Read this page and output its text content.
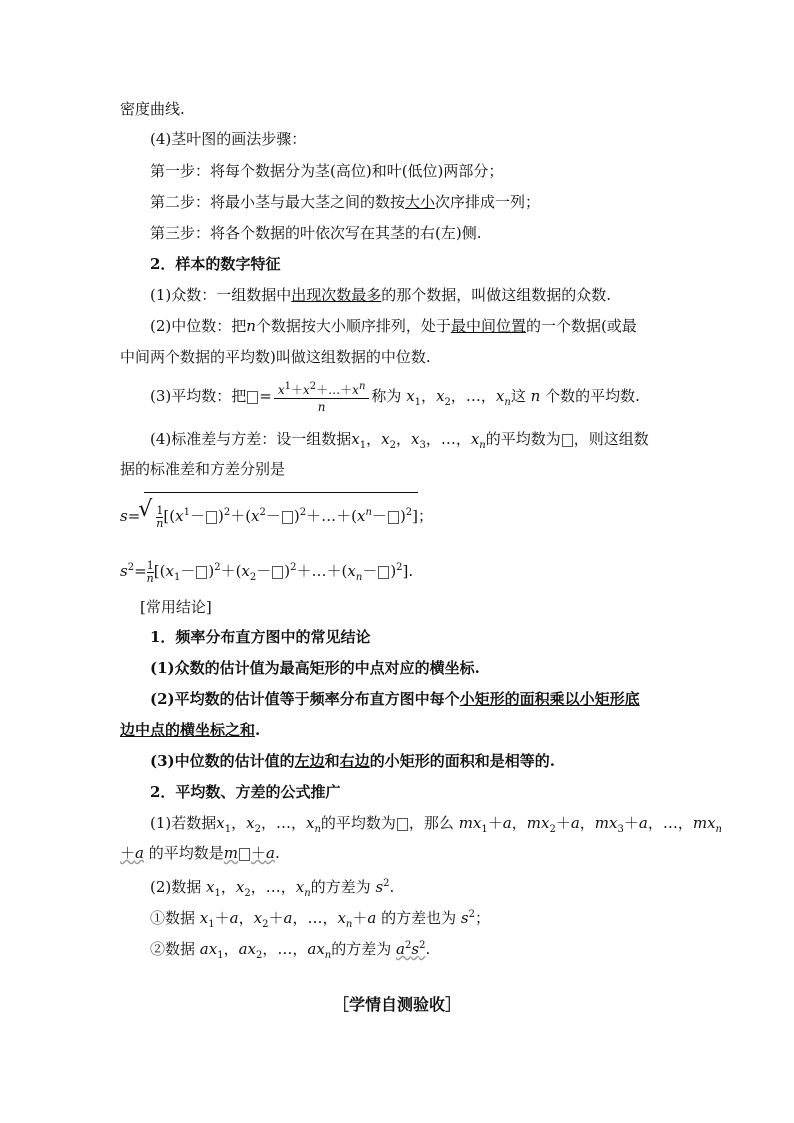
密度曲线.
(4)茎叶图的画法步骤：
第一步：将每个数据分为茎(高位)和叶(低位)两部分；
第二步：将最小茎与最大茎之间的数按大小次序排成一列；
第三步：将各个数据的叶依次写在其茎的右(左)侧.
2．样本的数字特征
(1)众数：一组数据中出现次数最多的那个数据，叫做这组数据的众数.
(2)中位数：把n个数据按大小顺序排列，处于最中间位置的一个数据(或最
中间两个数据的平均数)叫做这组数据的中位数.
(3)平均数：把 = $\frac{x^1+x^2+\dots+x^n}{n}$ 称为 $x_1$，$x_2$，…，$x_n$这 n 个数的平均数.
(4)标准差与方差：设一组数据$x_1$，$x_2$，$x_3$，…，$x_n$的平均数为 ，则这组数
据的标准差和方差分别是
s=
√ $\frac{1}{n}[(x^1- )^2+(x^2-$ )$^2+\dots+(x^n- )^2$]；
$s^2= \frac{1}{n}[(x_1- )^2+(x_2-$ )$^2+\dots+(x_n- )^2$].
[常用结论]
1．频率分布直方图中的常见结论
(1)众数的估计值为最高矩形的中点对应的横坐标.
(2)平均数的估计值等于频率分布直方图中每个小矩形的面积乘以小矩形底
边中点的横坐标之和.
(3)中位数的估计值的左边和右边的小矩形的面积和是相等的.
2．平均数、方差的公式推广
(1)若数据$x_1$，$x_2$，…，$x_n$的平均数为 ，那么 $mx_1+a$，$mx_2+a$，$mx_3+a$，…，$mx_n$
＋a 的平均数是m ＋a.
(2)数据 $x_1$，$x_2$，…，$x_n$的方差为 $s^2$.
①数据 $x_1+a$，$x_2+a$，…，$x_n+a$ 的方差也为 $s^2$；
②数据 $ax_1$，$ax_2$，…，$ax_n$的方差为 $a^2s^2$.
［学情自测验收］
